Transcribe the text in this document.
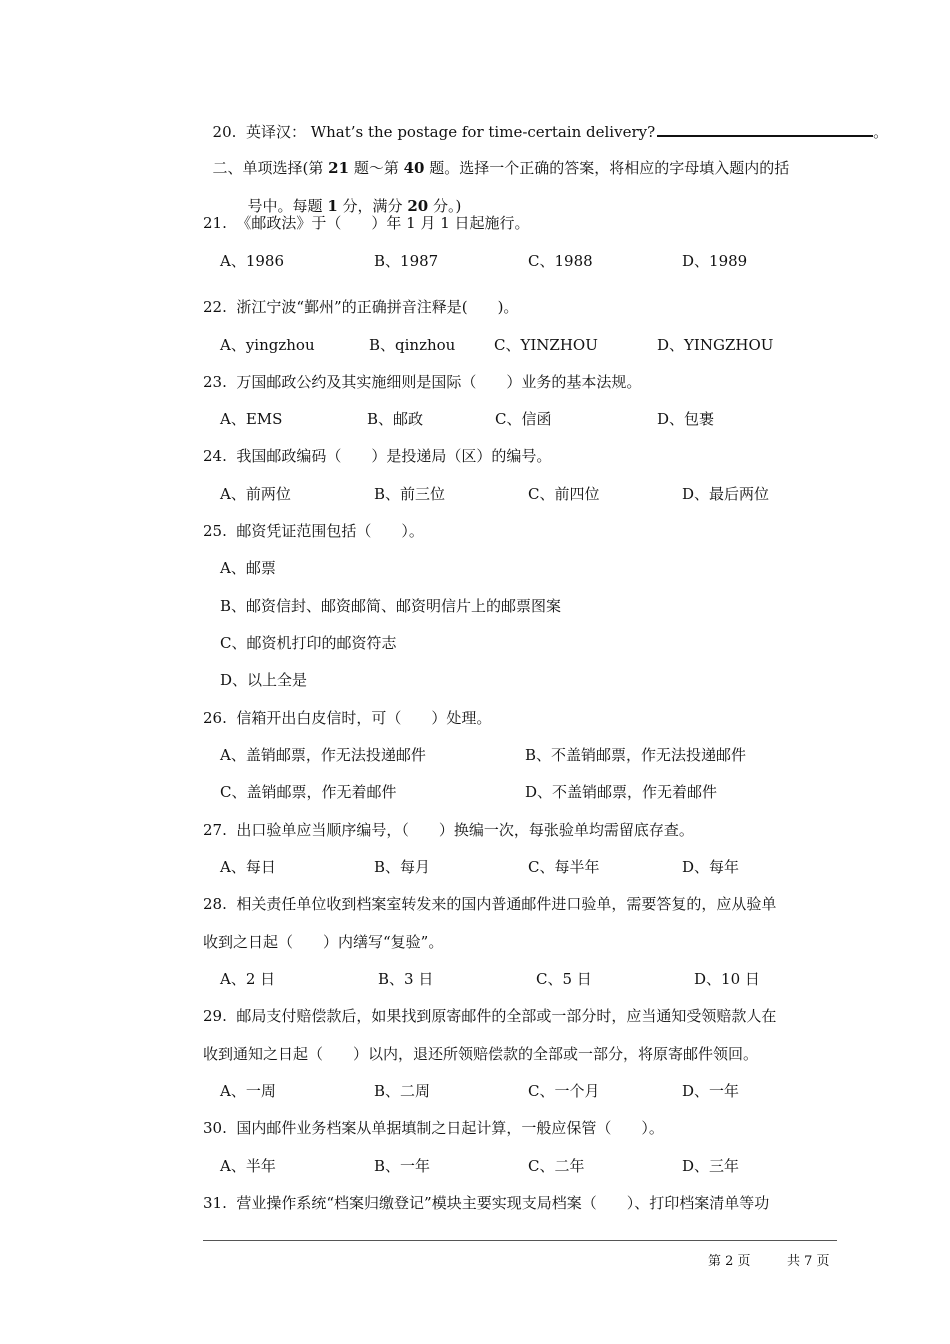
20.  英译汉： What’s the postage for time-certain delivery?	。

二、单项选择(第 21 题～第 40 题。选择一个正确的答案，将相应的字母填入题内的括

号中。每题 1 分，满分 20 分。)

21.  《邮政法》于（　　）年 1 月 1 日起施行。
A、1986	B、1987	C、1988	D、1989
22.  浙江宁波“鄞州”的正确拼音注释是(　　)。
A、yingzhou	B、qinzhou	C、YINZHOU	D、YINGZHOU
23.  万国邮政公约及其实施细则是国际（　　）业务的基本法规。
A、EMS	B、邮政	C、信函	D、包裹
24.  我国邮政编码（　　）是投递局（区）的编号。
A、前两位	B、前三位	C、前四位	D、最后两位
25.  邮资凭证范围包括（　　）。
A、邮票
B、邮资信封、邮资邮简、邮资明信片上的邮票图案
C、邮资机打印的邮资符志
D、以上全是
26.  信箱开出白皮信时，可（　　）处理。
A、盖销邮票，作无法投递邮件	B、不盖销邮票，作无法投递邮件
C、盖销邮票，作无着邮件	D、不盖销邮票，作无着邮件
27.  出口验单应当顺序编号，（　　）换编一次，每张验单均需留底存查。
A、每日	B、每月	C、每半年	D、每年
28.  相关责任单位收到档案室转发来的国内普通邮件进口验单，需要答复的，应从验单
收到之日起（　　）内缮写“复验”。
A、2 日	B、3 日	C、5 日	D、10 日
29.  邮局支付赔偿款后，如果找到原寄邮件的全部或一部分时，应当通知受领赔款人在
收到通知之日起（　　）以内，退还所领赔偿款的全部或一部分，将原寄邮件领回。
A、一周	B、二周	C、一个月	D、一年
30.  国内邮件业务档案从单据填制之日起计算，一般应保管（　　）。
A、半年	B、一年	C、二年	D、三年
31.  营业操作系统“档案归缴登记”模块主要实现支局档案（　　）、打印档案清单等功
第 2 页	共 7 页
